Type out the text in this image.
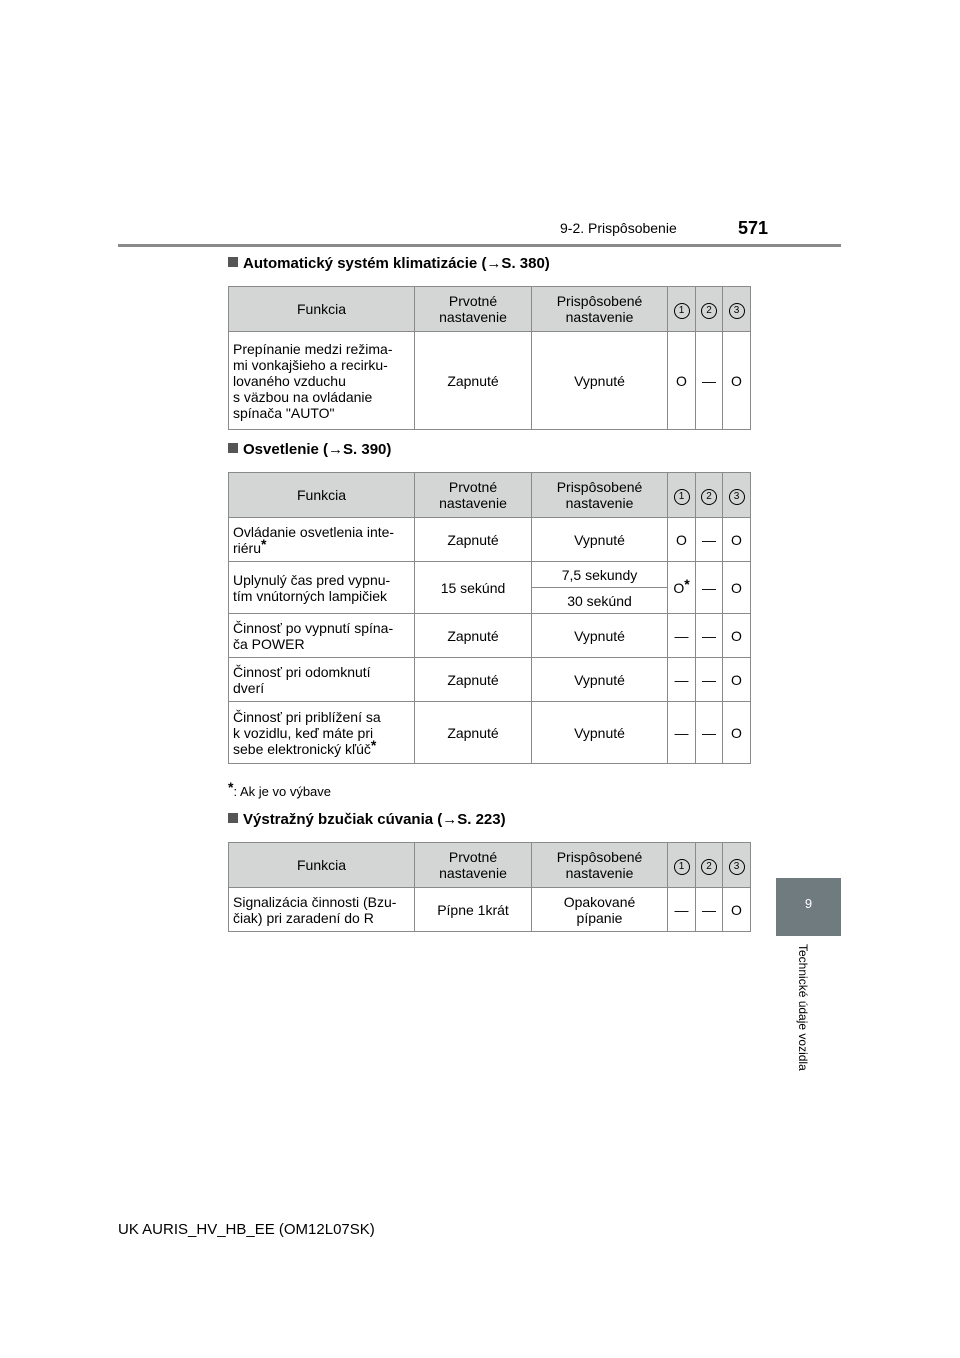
9-2. Prispôsobenie	571
9
Technické údaje vozidla
Automatický systém klimatizácie (→S. 380)
Funkcia	Prvotné nastavenie	Prispôsobené nastavenie	1	2	3
Prepínanie medzi režima-
mi vonkajšieho a recirku-
lovaného vzduchu
s väzbou na ovládanie
spínača "AUTO"	Zapnuté	Vypnuté	O	—	O
Osvetlenie (→S. 390)
Funkcia	Prvotné nastavenie	Prispôsobené nastavenie	1	2	3
Ovládanie osvetlenia inte-
riéru*	Zapnuté	Vypnuté	O	—	O
Uplynulý čas pred vypnu-
tím vnútorných lampičiek	15 sekúnd	7,5 sekundy	O*	—	O
		30 sekúnd			
Činnosť po vypnutí spína-
ča POWER	Zapnuté	Vypnuté	—	—	O
Činnosť pri odomknutí
dverí	Zapnuté	Vypnuté	—	—	O
Činnosť pri priblížení sa
k vozidlu, keď máte pri
sebe elektronický kľúč*	Zapnuté	Vypnuté	—	—	O
*: Ak je vo výbave
Výstražný bzučiak cúvania (→S. 223)
Funkcia	Prvotné nastavenie	Prispôsobené nastavenie	1	2	3
Signalizácia činnosti (Bzu-
čiak) pri zaradení do R	Pípne 1krát	Opakované
pípanie	—	—	O
UK AURIS_HV_HB_EE (OM12L07SK)
